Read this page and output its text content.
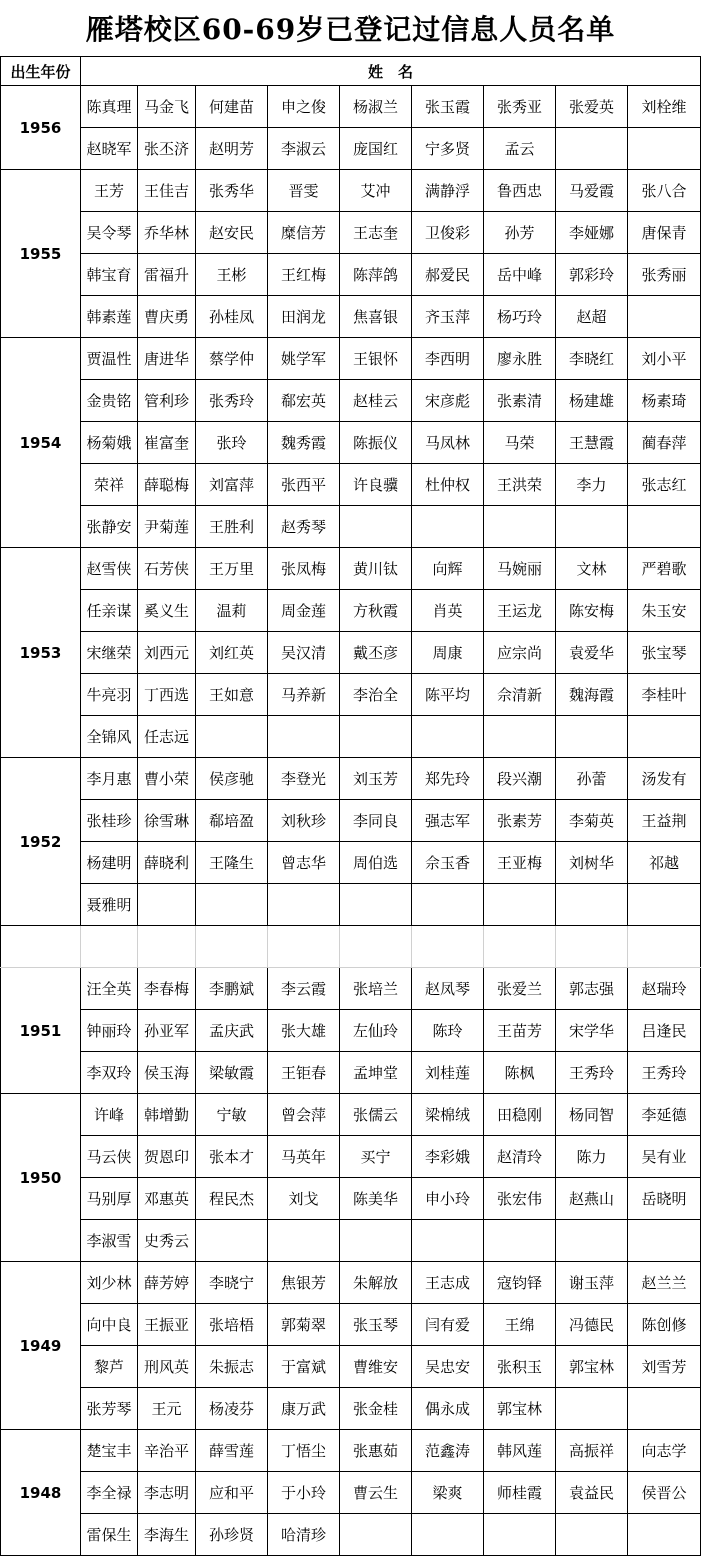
雁塔校区60-69岁已登记过信息人员名单
出生年份	姓　名								
1956	陈真理	马金飞	何建苗	申之俊	杨淑兰	张玉霞	张秀亚	张爱英	刘栓维
	赵晓军	张丕济	赵明芳	李淑云	庞国红	宁多贤	孟云		
1955	王芳	王佳吉	张秀华	晋雯	艾冲	满静浮	鲁西忠	马爱霞	张八合
	吴令琴	乔华林	赵安民	糜信芳	王志奎	卫俊彩	孙芳	李娅娜	唐保青
	韩宝育	雷福升	王彬	王红梅	陈萍鸽	郝爱民	岳中峰	郭彩玲	张秀丽
	韩素莲	曹庆勇	孙桂凤	田润龙	焦喜银	齐玉萍	杨巧玲	赵超	
1954	贾温性	唐进华	蔡学仲	姚学军	王银怀	李西明	廖永胜	李晓红	刘小平
	金贵铭	管利珍	张秀玲	郗宏英	赵桂云	宋彦彪	张素清	杨建雄	杨素琦
	杨菊娥	崔富奎	张玲	魏秀霞	陈振仪	马凤林	马荣	王慧霞	蔺春萍
	荣祥	薛聪梅	刘富萍	张西平	许良骥	杜仲权	王洪荣	李力	张志红
	张静安	尹菊莲	王胜利	赵秀琴					
1953	赵雪侠	石芳侠	王万里	张凤梅	黄川钛	向辉	马婉丽	文林	严碧歌
	任亲谋	奚义生	温莉	周金莲	方秋霞	肖英	王运龙	陈安梅	朱玉安
	宋继荣	刘西元	刘红英	吴汉清	戴丕彦	周康	应宗尚	袁爱华	张宝琴
	牛亮羽	丁西选	王如意	马养新	李治全	陈平均	佘清新	魏海霞	李桂叶
	全锦风	任志远							
1952	李月惠	曹小荣	侯彦驰	李登光	刘玉芳	郑先玲	段兴潮	孙蕾	汤发有
	张桂珍	徐雪琳	郗培盈	刘秋珍	李同良	强志军	张素芳	李菊英	王益荆
	杨建明	薛晓利	王隆生	曾志华	周伯选	佘玉香	王亚梅	刘树华	祁越
	聂雅明								

1951	汪全英	李春梅	李鹏斌	李云霞	张培兰	赵凤琴	张爱兰	郭志强	赵瑞玲
	钟丽玲	孙亚军	孟庆武	张大雄	左仙玲	陈玲	王苗芳	宋学华	吕逢民
	李双玲	侯玉海	梁敏霞	王钜春	孟坤堂	刘桂莲	陈枫	王秀玲	王秀玲
1950	许峰	韩增勤	宁敏	曾会萍	张儒云	梁棉绒	田稳刚	杨同智	李延德
	马云侠	贺恩印	张本才	马英年	买宁	李彩娥	赵清玲	陈力	吴有业
	马别厚	邓惠英	程民杰	刘戈	陈美华	申小玲	张宏伟	赵燕山	岳晓明
	李淑雪	史秀云							
1949	刘少林	薛芳婷	李晓宁	焦银芳	朱解放	王志成	寇钧铎	谢玉萍	赵兰兰
	向中良	王振亚	张培梧	郭菊翠	张玉琴	闫有爱	王绵	冯德民	陈创修
	黎芦	刑风英	朱振志	于富斌	曹维安	吴忠安	张积玉	郭宝林	刘雪芳
	张芳琴	王元	杨凌芬	康万武	张金桂	偶永成	郭宝林		
1948	楚宝丰	辛治平	薛雪莲	丁悟尘	张惠茹	范鑫涛	韩风莲	高振祥	向志学
	李全禄	李志明	应和平	于小玲	曹云生	梁爽	师桂霞	袁益民	侯晋公
	雷保生	李海生	孙珍贤	哈清珍					
